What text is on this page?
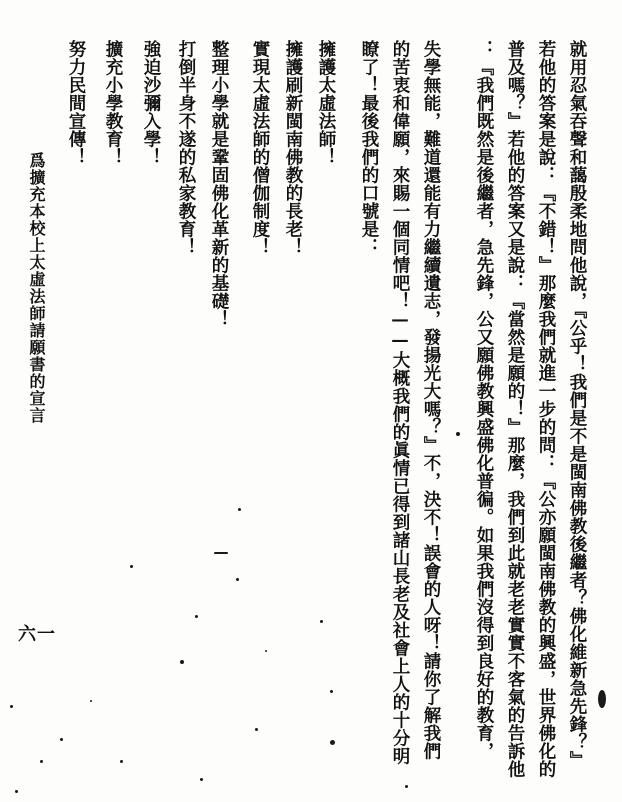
就用忍氣吞聲和藹殷柔地問他說，『公乎！我們是不是閩南佛教後繼者？佛化維新急先鋒？』
若他的答案是說：『不錯！』那麼我們就進一步的問：『公亦願閩南佛教的興盛，世界佛化的
普及嗎？』若他的答案又是說：『當然是願的！』那麼，我們到此就老老實實不客氣的告訴他
：『我們既然是後繼者，急先鋒，公又願佛教興盛佛化普徧。如果我們沒得到良好的教育，
失學無能，難道還能有力繼續遺志，發揚光大嗎？』不，決不！誤會的人呀！請你了解我們
的苦衷和偉願，來賜一個同情吧！——大概我們的眞情已得到諸山長老及社會上人的十分明
瞭了！最後我們的口號是：
擁護太虛法師！
擁護刷新閩南佛教的長老！
實現太虛法師的僧伽制度！
整理小學就是鞏固佛化革新的基礎！
打倒半身不遂的私家教育！
強迫沙彌入學！
擴充小學教育！
努力民間宣傳！
爲擴充本校上太虛法師請願書的宣言
六一
